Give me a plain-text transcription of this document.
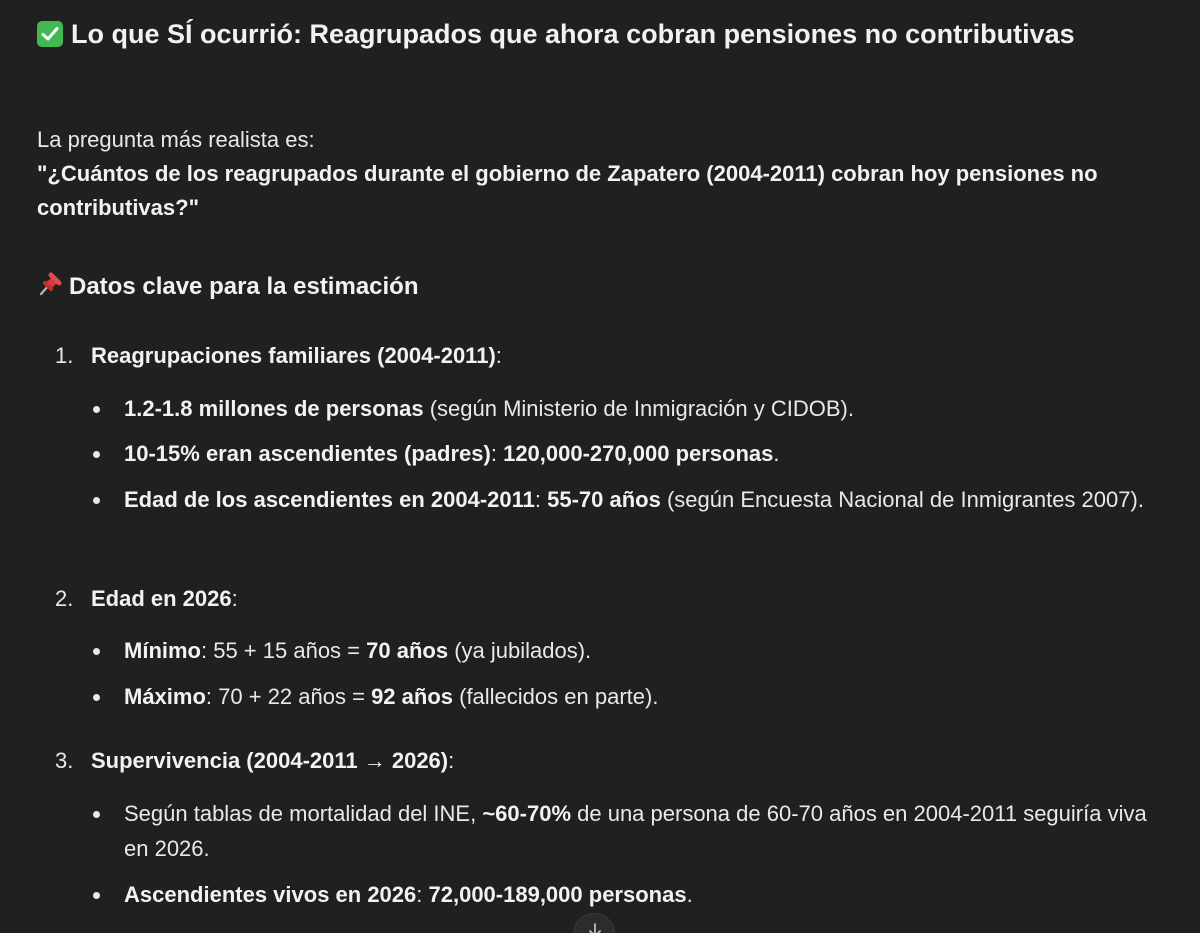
Lo que SÍ ocurrió: Reagrupados que ahora cobran pensiones no contributivas
La pregunta más realista es:
"¿Cuántos de los reagrupados durante el gobierno de Zapatero (2004-2011) cobran hoy pensiones no contributivas?"
Datos clave para la estimación
1. Reagrupaciones familiares (2004-2011):
1.2-1.8 millones de personas (según Ministerio de Inmigración y CIDOB).
10-15% eran ascendientes (padres): 120,000-270,000 personas.
Edad de los ascendientes en 2004-2011: 55-70 años (según Encuesta Nacional de Inmigrantes 2007).
2. Edad en 2026:
Mínimo: 55 + 15 años = 70 años (ya jubilados).
Máximo: 70 + 22 años = 92 años (fallecidos en parte).
3. Supervivencia (2004-2011 → 2026):
Según tablas de mortalidad del INE, ~60-70% de una persona de 60-70 años en 2004-2011 seguiría viva en 2026.
Ascendientes vivos en 2026: 72,000-189,000 personas.
